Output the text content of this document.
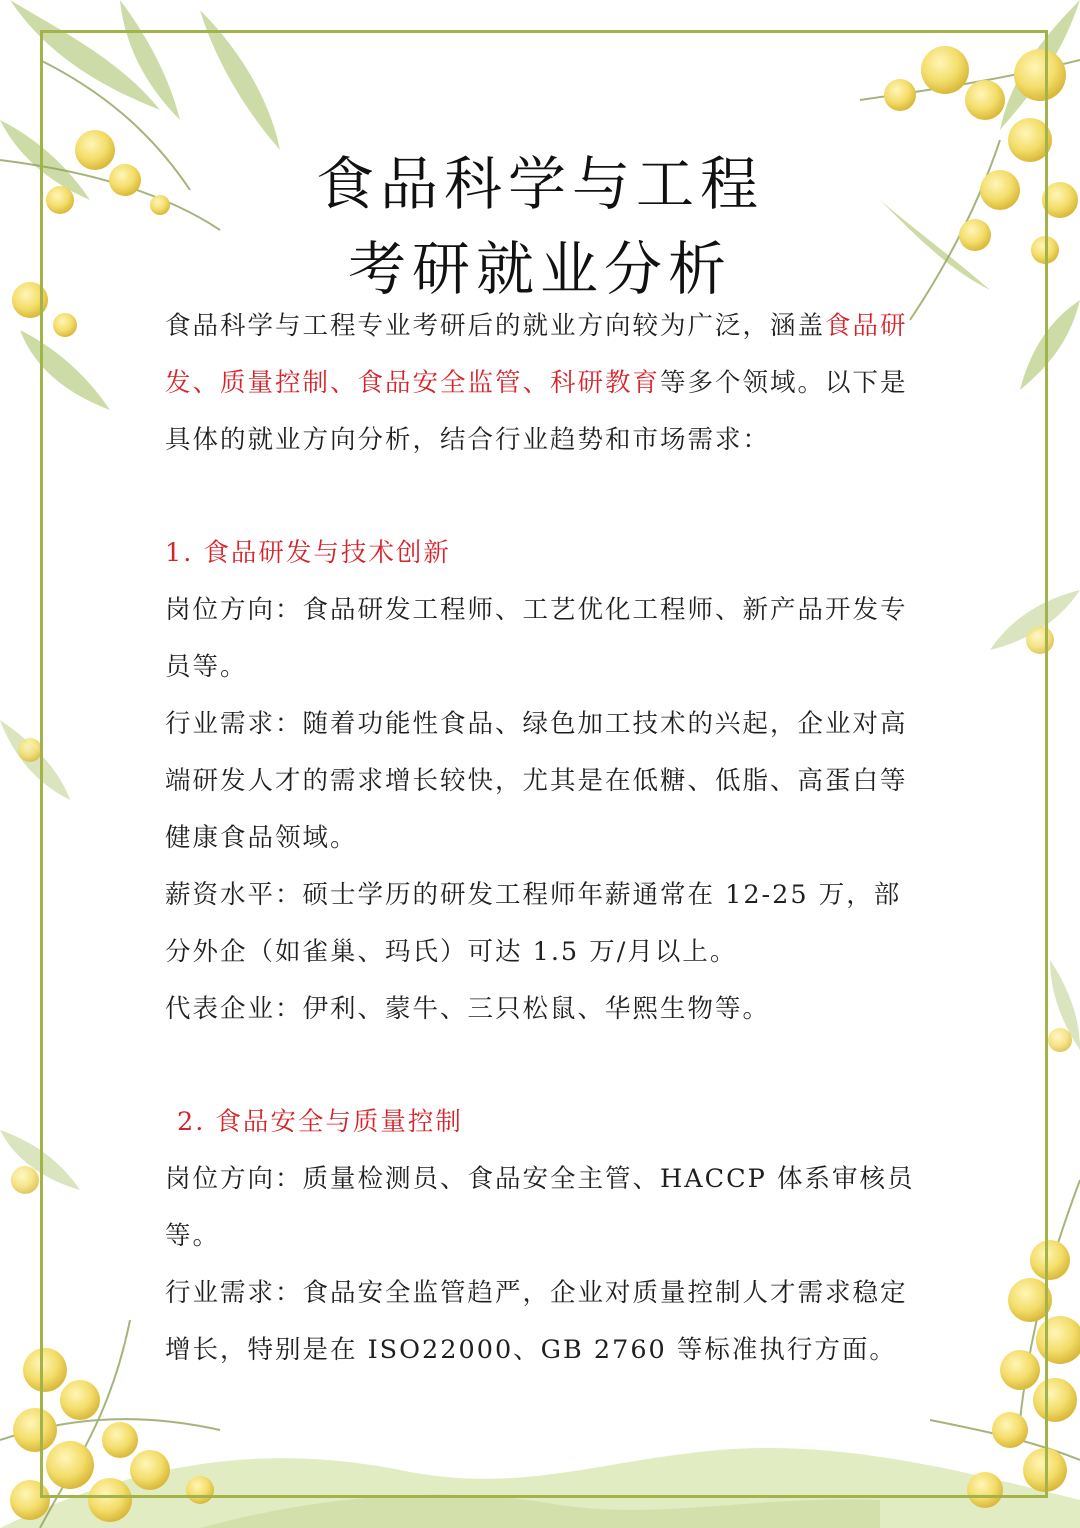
食品科学与工程
考研就业分析

食品科学与工程专业考研后的就业方向较为广泛，涵盖食品研发、质量控制、食品安全监管、科研教育等多个领域。以下是具体的就业方向分析，结合行业趋势和市场需求：

1. 食品研发与技术创新

岗位方向：食品研发工程师、工艺优化工程师、新产品开发专员等。

行业需求：随着功能性食品、绿色加工技术的兴起，企业对高端研发人才的需求增长较快，尤其是在低糖、低脂、高蛋白等健康食品领域。

薪资水平：硕士学历的研发工程师年薪通常在 12-25 万，部分外企（如雀巢、玛氏）可达 1.5 万/月以上。

代表企业：伊利、蒙牛、三只松鼠、华熙生物等。

2. 食品安全与质量控制

岗位方向：质量检测员、食品安全主管、HACCP 体系审核员等。

行业需求：食品安全监管趋严，企业对质量控制人才需求稳定增长，特别是在 ISO22000、GB 2760 等标准执行方面。
